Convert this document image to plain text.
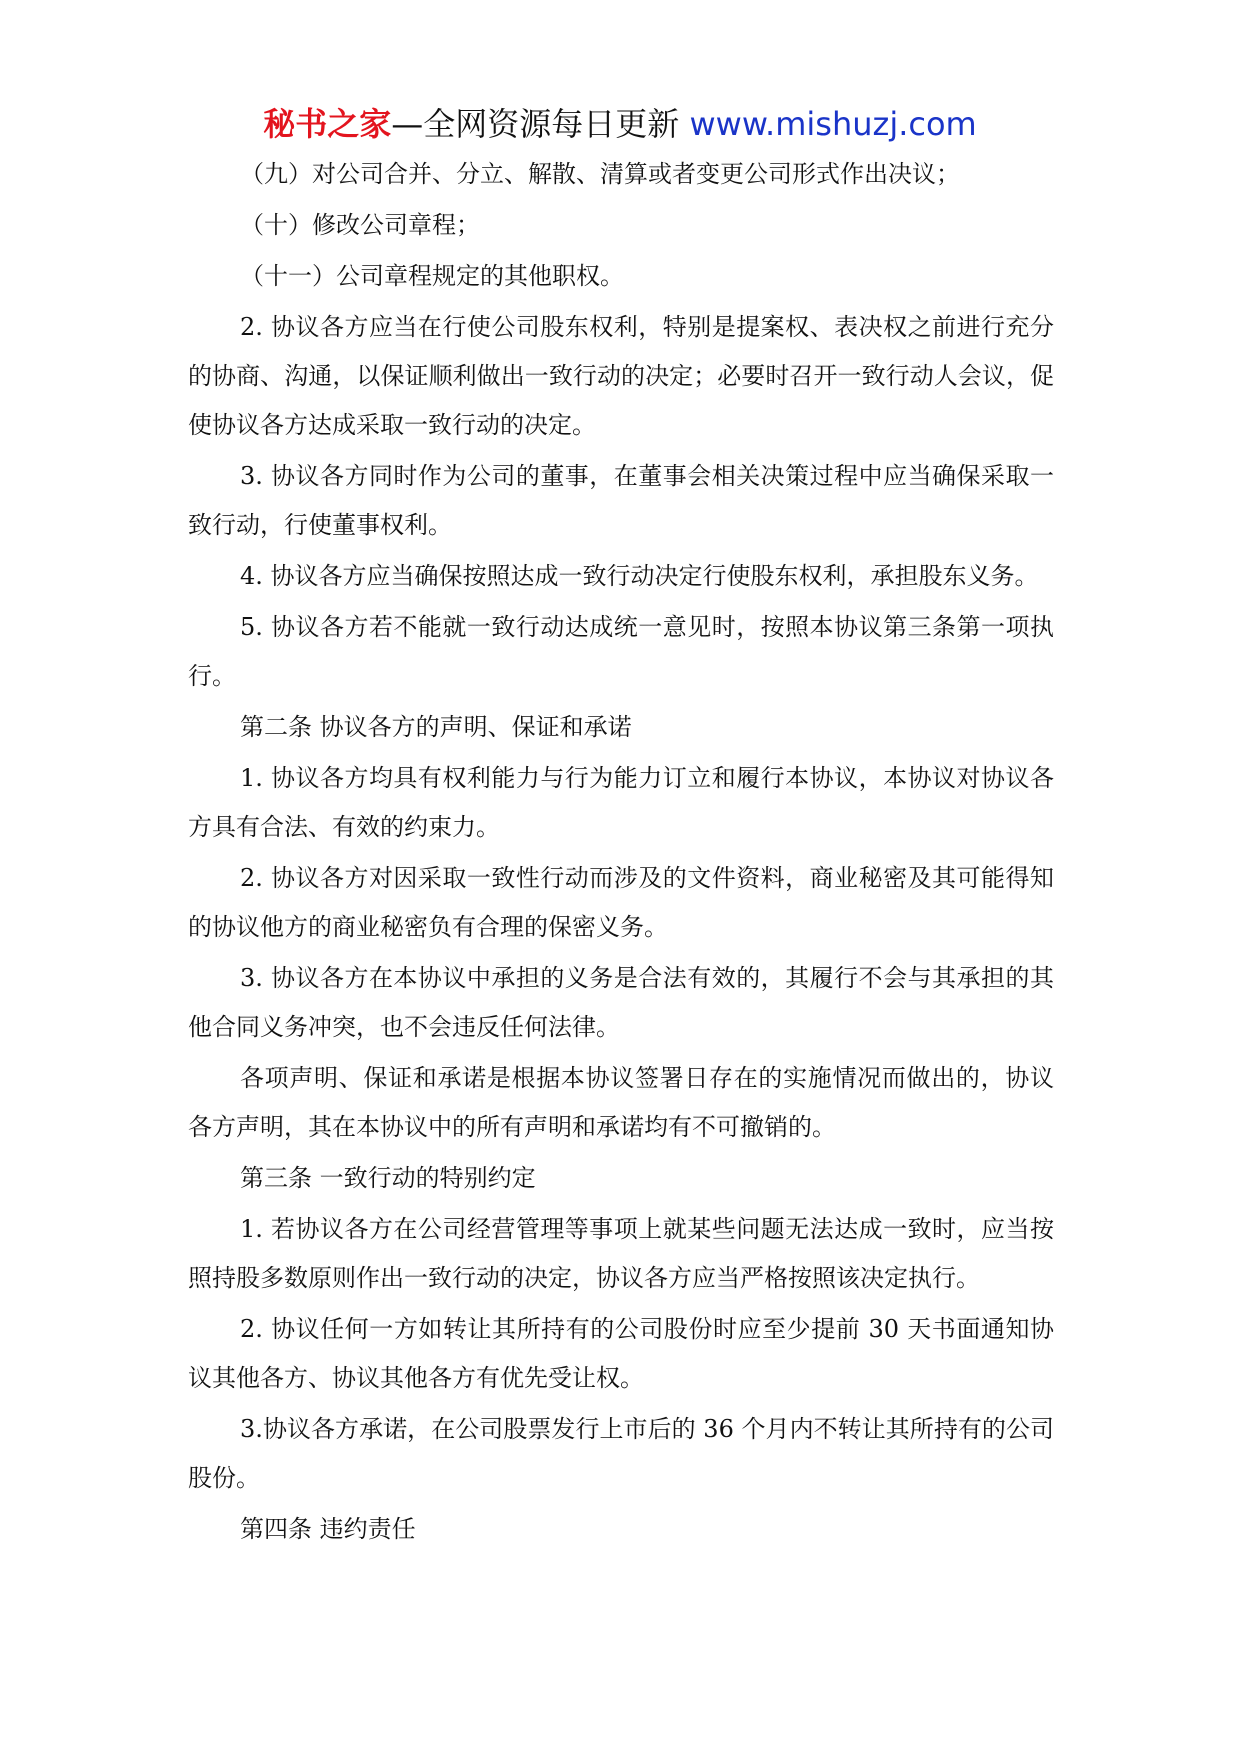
秘书之家—全网资源每日更新 www.mishuzj.com

（九）对公司合并、分立、解散、清算或者变更公司形式作出决议；

（十）修改公司章程；

（十一）公司章程规定的其他职权。

2. 协议各方应当在行使公司股东权利，特别是提案权、表决权之前进行充分的协商、沟通，以保证顺利做出一致行动的决定；必要时召开一致行动人会议，促使协议各方达成采取一致行动的决定。

3. 协议各方同时作为公司的董事，在董事会相关决策过程中应当确保采取一致行动，行使董事权利。

4. 协议各方应当确保按照达成一致行动决定行使股东权利，承担股东义务。

5. 协议各方若不能就一致行动达成统一意见时，按照本协议第三条第一项执行。

第二条 协议各方的声明、保证和承诺

1. 协议各方均具有权利能力与行为能力订立和履行本协议，本协议对协议各方具有合法、有效的约束力。

2. 协议各方对因采取一致性行动而涉及的文件资料，商业秘密及其可能得知的协议他方的商业秘密负有合理的保密义务。

3. 协议各方在本协议中承担的义务是合法有效的，其履行不会与其承担的其他合同义务冲突，也不会违反任何法律。

各项声明、保证和承诺是根据本协议签署日存在的实施情况而做出的，协议各方声明，其在本协议中的所有声明和承诺均有不可撤销的。

第三条 一致行动的特别约定

1. 若协议各方在公司经营管理等事项上就某些问题无法达成一致时，应当按照持股多数原则作出一致行动的决定，协议各方应当严格按照该决定执行。

2. 协议任何一方如转让其所持有的公司股份时应至少提前 30 天书面通知协议其他各方、协议其他各方有优先受让权。

3.协议各方承诺，在公司股票发行上市后的 36 个月内不转让其所持有的公司股份。

第四条 违约责任
